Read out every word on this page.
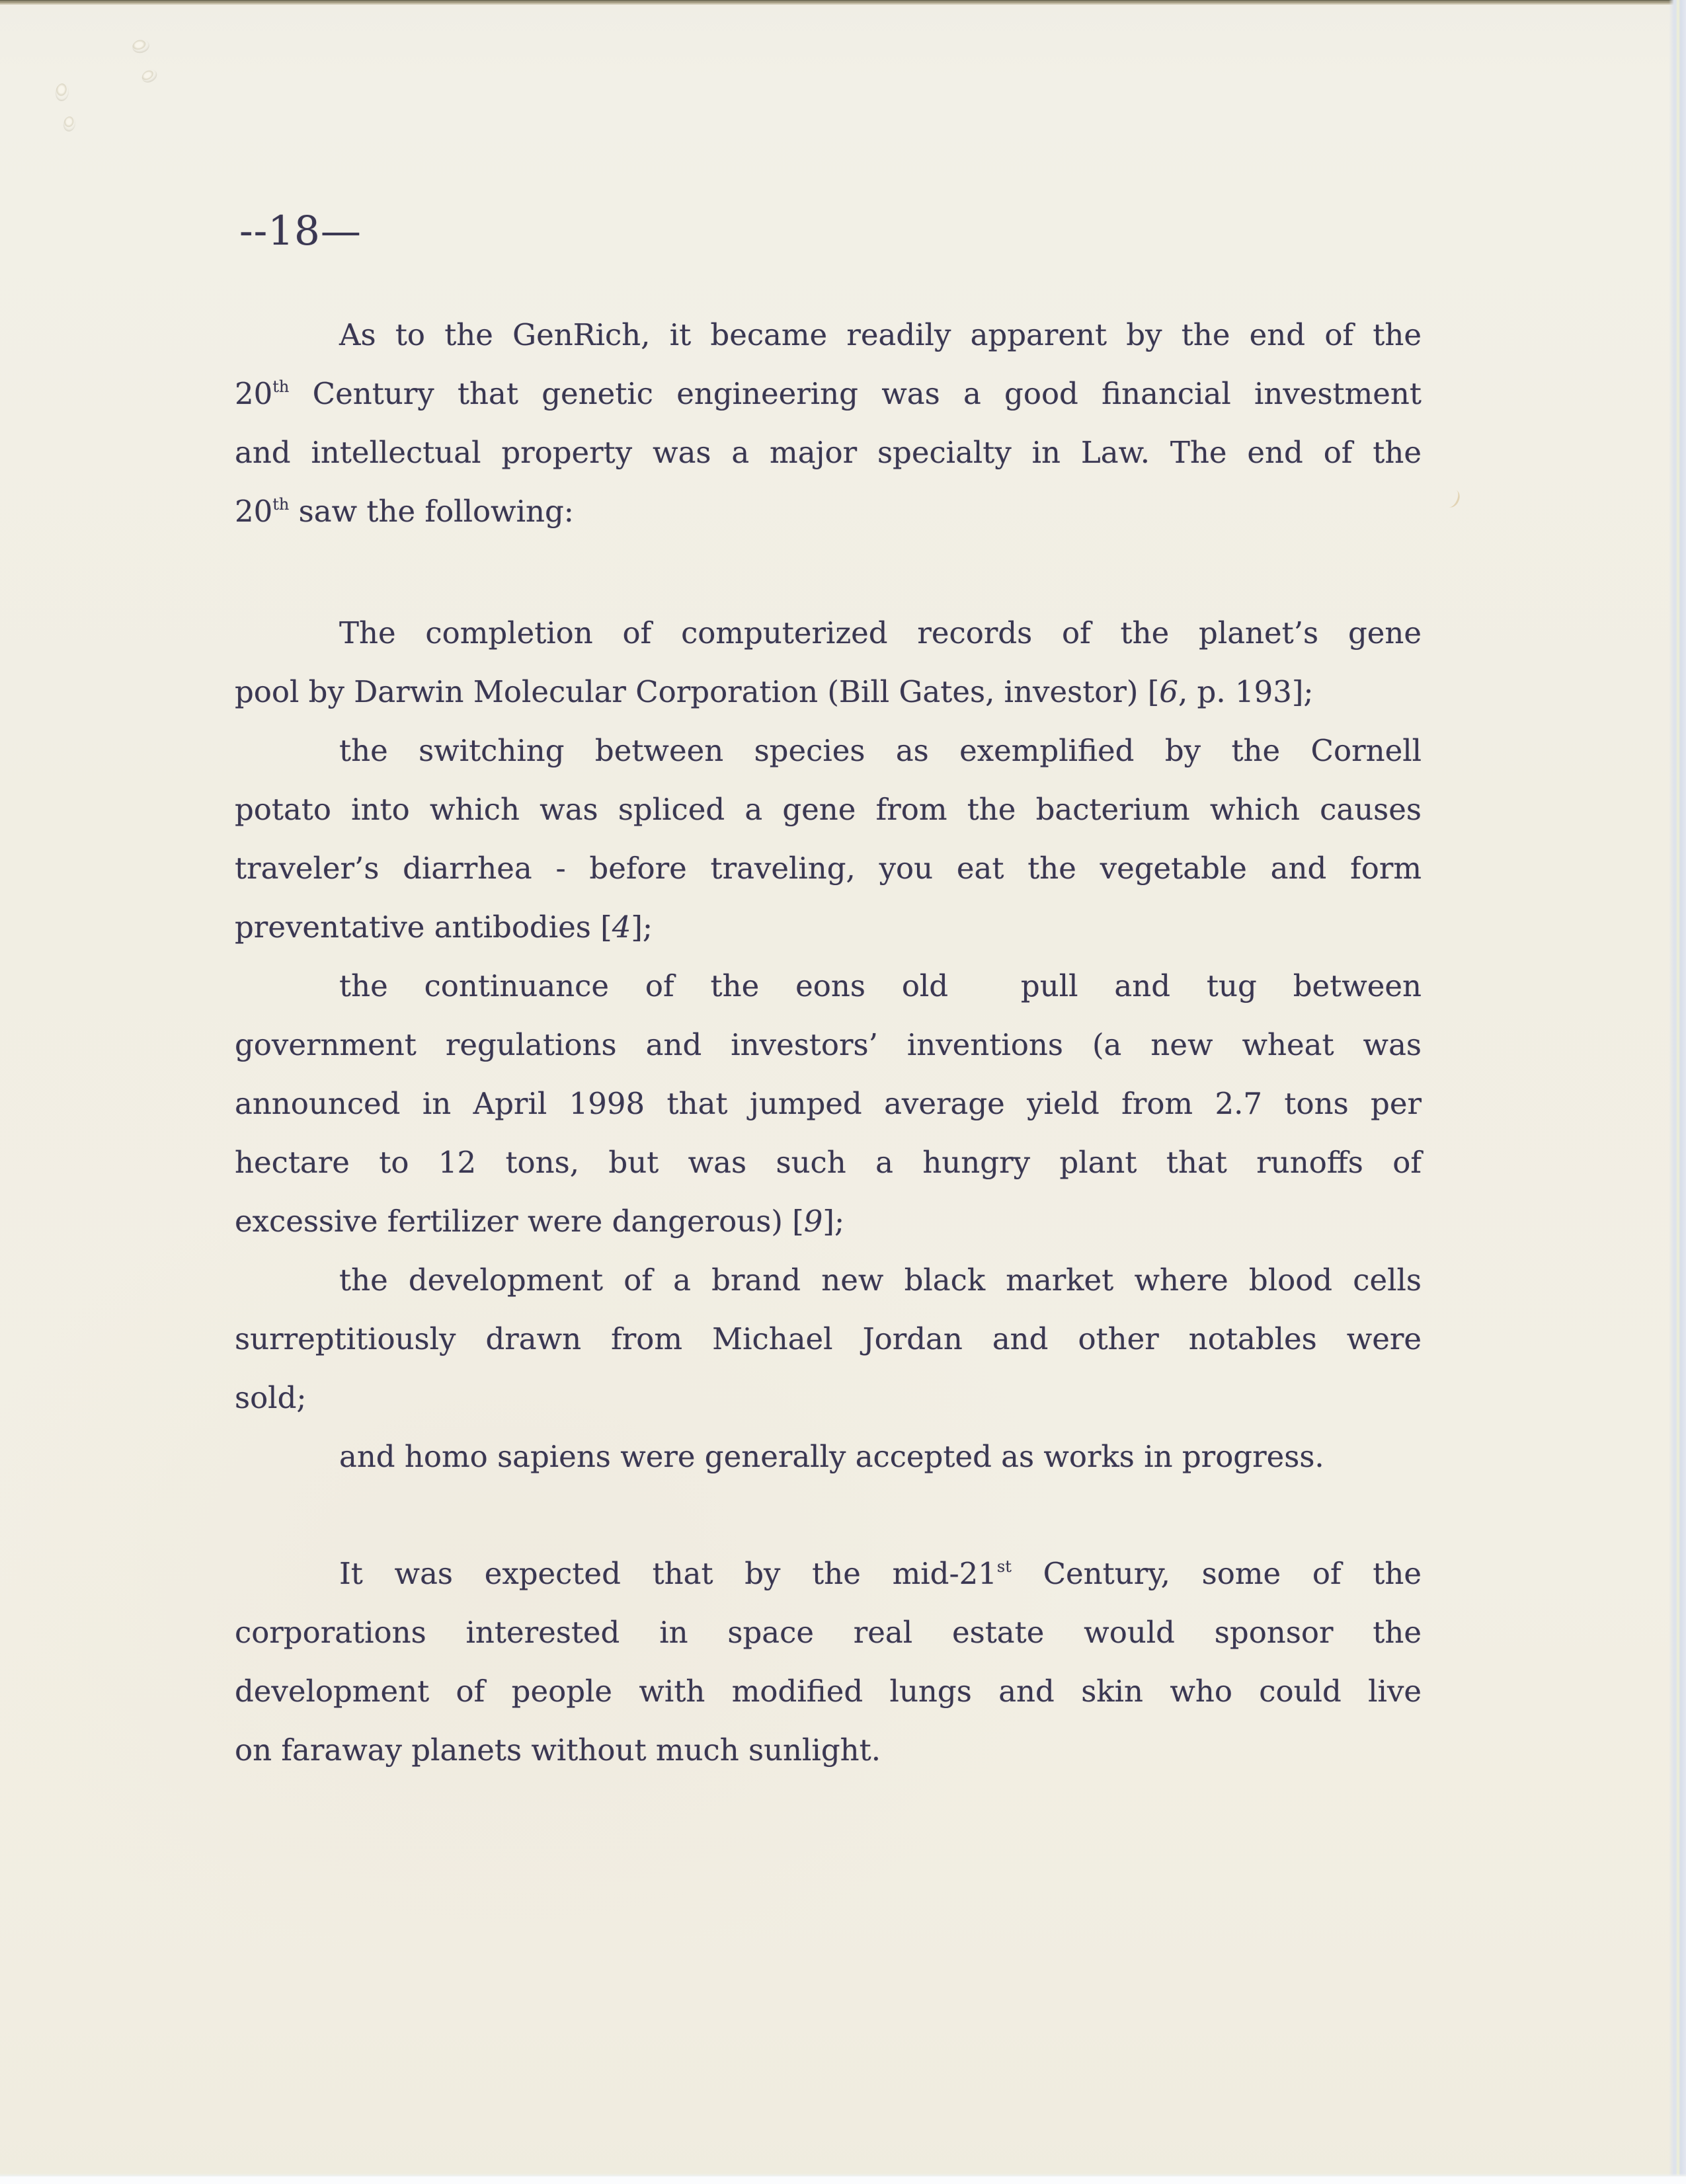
--18—
As to the GenRich, it became readily apparent by the end of the
20th Century that genetic engineering was a good financial investment
and intellectual property was a major specialty in Law. The end of the
20th saw the following:
The completion of computerized records of the planet’s gene
pool by Darwin Molecular Corporation (Bill Gates, investor) [6, p. 193];
the switching between species as exemplified by the Cornell
potato into which was spliced a gene from the bacterium which causes
traveler’s diarrhea - before traveling, you eat the vegetable and form
preventative antibodies [4];
the continuance of the eons old  pull and tug between
government regulations and investors’ inventions (a new wheat was
announced in April 1998 that jumped average yield from 2.7 tons per
hectare to 12 tons, but was such a hungry plant that runoffs of
excessive fertilizer were dangerous) [9];
the development of a brand new black market where blood cells
surreptitiously drawn from Michael Jordan and other notables were
sold;
and homo sapiens were generally accepted as works in progress.
It was expected that by the mid-21st Century, some of the
corporations interested in space real estate would sponsor the
development of people with modified lungs and skin who could live
on faraway planets without much sunlight.
